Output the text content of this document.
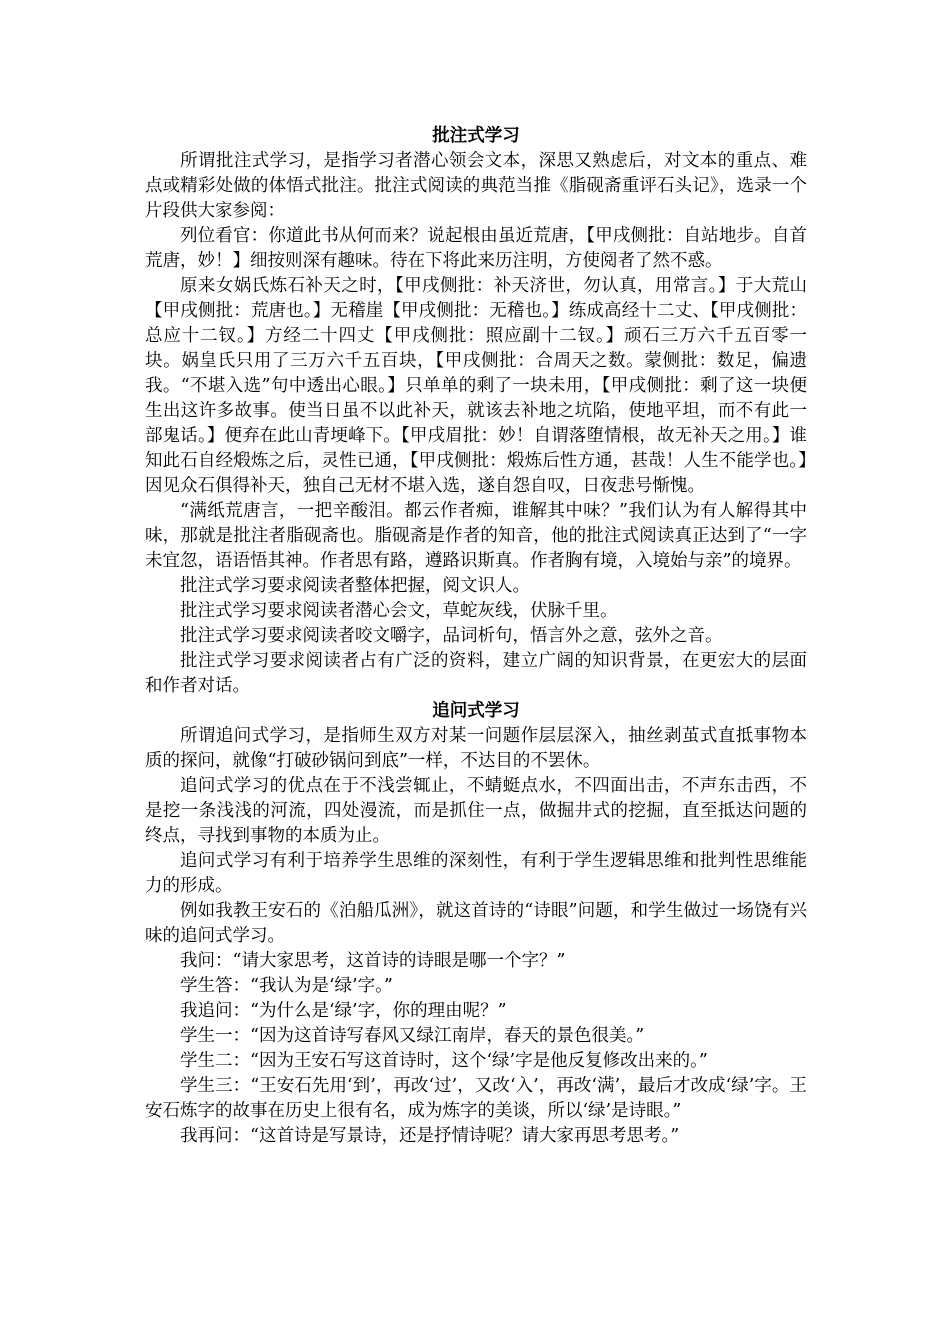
批注式学习

所谓批注式学习，是指学习者潜心领会文本，深思又熟虑后，对文本的重点、难点或精彩处做的体悟式批注。批注式阅读的典范当推《脂砚斋重评石头记》，选录一个片段供大家参阅：

列位看官：你道此书从何而来？说起根由虽近荒唐，【甲戌侧批：自站地步。自首荒唐，妙！】细按则深有趣味。待在下将此来历注明，方使阅者了然不惑。

原来女娲氏炼石补天之时，【甲戌侧批：补天济世，勿认真，用常言。】于大荒山【甲戌侧批：荒唐也。】无稽崖【甲戌侧批：无稽也。】练成高经十二丈、【甲戌侧批：总应十二钗。】方经二十四丈【甲戌侧批：照应副十二钗。】顽石三万六千五百零一块。娲皇氏只用了三万六千五百块，【甲戌侧批：合周天之数。蒙侧批：数足，偏遗我。“不堪入选”句中透出心眼。】只单单的剩了一块未用，【甲戌侧批：剩了这一块便生出这许多故事。使当日虽不以此补天，就该去补地之坑陷，使地平坦，而不有此一部鬼话。】便弃在此山青埂峰下。【甲戌眉批：妙！自谓落堕情根，故无补天之用。】谁知此石自经煅炼之后，灵性已通，【甲戌侧批：煅炼后性方通，甚哉！人生不能学也。】因见众石俱得补天，独自己无材不堪入选，遂自怨自叹，日夜悲号惭愧。

“满纸荒唐言，一把辛酸泪。都云作者痴，谁解其中味？”我们认为有人解得其中味，那就是批注者脂砚斋也。脂砚斋是作者的知音，他的批注式阅读真正达到了“一字未宜忽，语语悟其神。作者思有路，遵路识斯真。作者胸有境，入境始与亲”的境界。

批注式学习要求阅读者整体把握，阅文识人。

批注式学习要求阅读者潜心会文，草蛇灰线，伏脉千里。

批注式学习要求阅读者咬文嚼字，品词析句，悟言外之意，弦外之音。

批注式学习要求阅读者占有广泛的资料，建立广阔的知识背景，在更宏大的层面和作者对话。

追问式学习

所谓追问式学习，是指师生双方对某一问题作层层深入，抽丝剥茧式直抵事物本质的探问，就像“打破砂锅问到底”一样，不达目的不罢休。

追问式学习的优点在于不浅尝辄止，不蜻蜓点水，不四面出击，不声东击西，不是挖一条浅浅的河流，四处漫流，而是抓住一点，做掘井式的挖掘，直至抵达问题的终点，寻找到事物的本质为止。

追问式学习有利于培养学生思维的深刻性，有利于学生逻辑思维和批判性思维能力的形成。

例如我教王安石的《泊船瓜洲》，就这首诗的“诗眼”问题，和学生做过一场饶有兴味的追问式学习。

我问：“请大家思考，这首诗的诗眼是哪一个字？”

学生答：“我认为是‘绿’字。”

我追问：“为什么是‘绿’字，你的理由呢？”

学生一：“因为这首诗写春风又绿江南岸，春天的景色很美。”

学生二：“因为王安石写这首诗时，这个‘绿’字是他反复修改出来的。”

学生三：“王安石先用‘到’，再改‘过’，又改‘入’，再改‘满’，最后才改成‘绿’字。王安石炼字的故事在历史上很有名，成为炼字的美谈，所以‘绿’是诗眼。”

我再问：“这首诗是写景诗，还是抒情诗呢？请大家再思考思考。”
